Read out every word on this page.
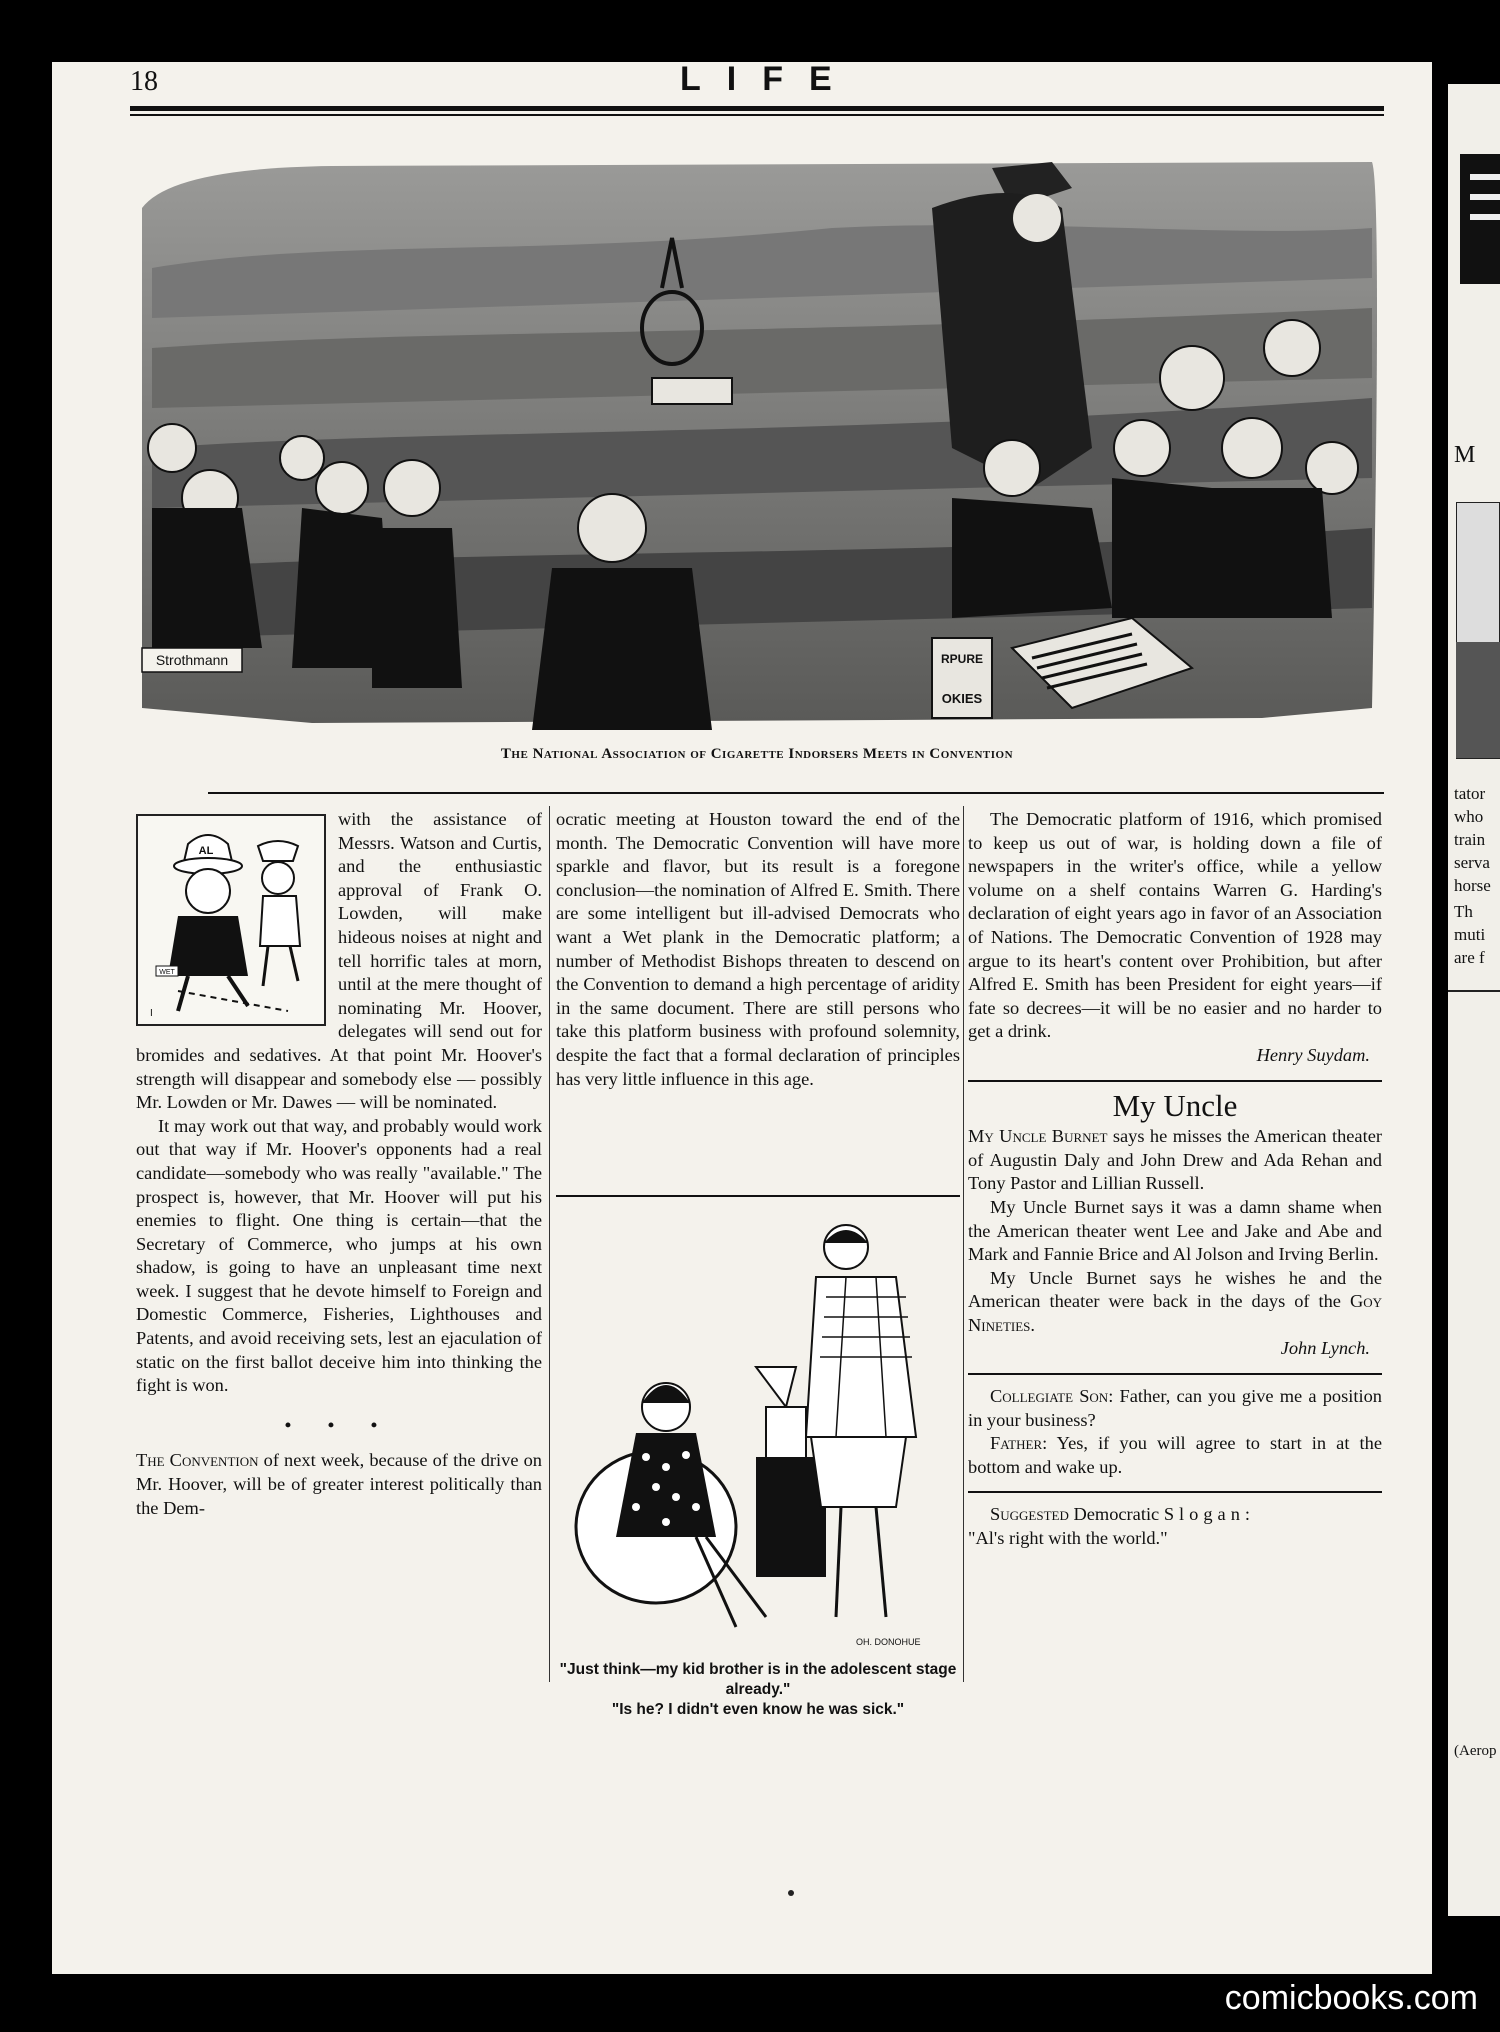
M
tator
who
train
serva
horse
Th
muti
are f
(Aerop
18	LIFE
RPURE
OKIES
Strothmann
The National Association of Cigarette Indorsers Meets in Convention

AL
WET
I
with the assistance of Messrs. Watson and Curtis, and the enthusiastic approval of Frank O. Lowden, will make hideous noises at night and tell horrific tales at morn, until at the mere thought of nominating Mr. Hoover, delegates will send out for bromides and sedatives. At that point Mr. Hoover's strength will disappear and somebody else — possibly Mr. Lowden or Mr. Dawes — will be nominated.

It may work out that way, and probably would work out that way if Mr. Hoover's opponents had a real candidate—somebody who was really "available." The prospect is, however, that Mr. Hoover will put his enemies to flight. One thing is certain—that the Secretary of Commerce, who jumps at his own shadow, is going to have an unpleasant time next week. I suggest that he devote himself to Foreign and Domestic Commerce, Fisheries, Lighthouses and Patents, and avoid receiving sets, lest an ejaculation of static on the first ballot deceive him into thinking the fight is won.

• • •

The Convention of next week, because of the drive on Mr. Hoover, will be of greater interest politically than the Dem-

ocratic meeting at Houston toward the end of the month. The Democratic Convention will have more sparkle and flavor, but its result is a foregone conclusion—the nomination of Alfred E. Smith. There are some intelligent but ill-advised Democrats who want a Wet plank in the Democratic platform; a number of Methodist Bishops threaten to descend on the Convention to demand a high percentage of aridity in the same document. There are still persons who take this platform business with profound solemnity, despite the fact that a formal declaration of principles has very little influence in this age.

OH. DONOHUE
"Just think—my kid brother is in the adolescent stage already."
"Is he? I didn't even know he was sick."

The Democratic platform of 1916, which promised to keep us out of war, is holding down a file of newspapers in the writer's office, while a yellow volume on a shelf contains Warren G. Harding's declaration of eight years ago in favor of an Association of Nations. The Democratic Convention of 1928 may argue to its heart's content over Prohibition, but after Alfred E. Smith has been President for eight years—if fate so decrees—it will be no easier and no harder to get a drink.

Henry Suydam.

My Uncle

My Uncle Burnet says he misses the American theater of Augustin Daly and John Drew and Ada Rehan and Tony Pastor and Lillian Russell.

My Uncle Burnet says it was a damn shame when the American theater went Lee and Jake and Abe and Mark and Fannie Brice and Al Jolson and Irving Berlin.

My Uncle Burnet says he wishes he and the American theater were back in the days of the Goy Nineties.

John Lynch.

Collegiate Son: Father, can you give me a position in your business?

Father: Yes, if you will agree to start in at the bottom and wake up.

Suggested Democratic Slogan:

"Al's right with the world."

comicbooks.com
